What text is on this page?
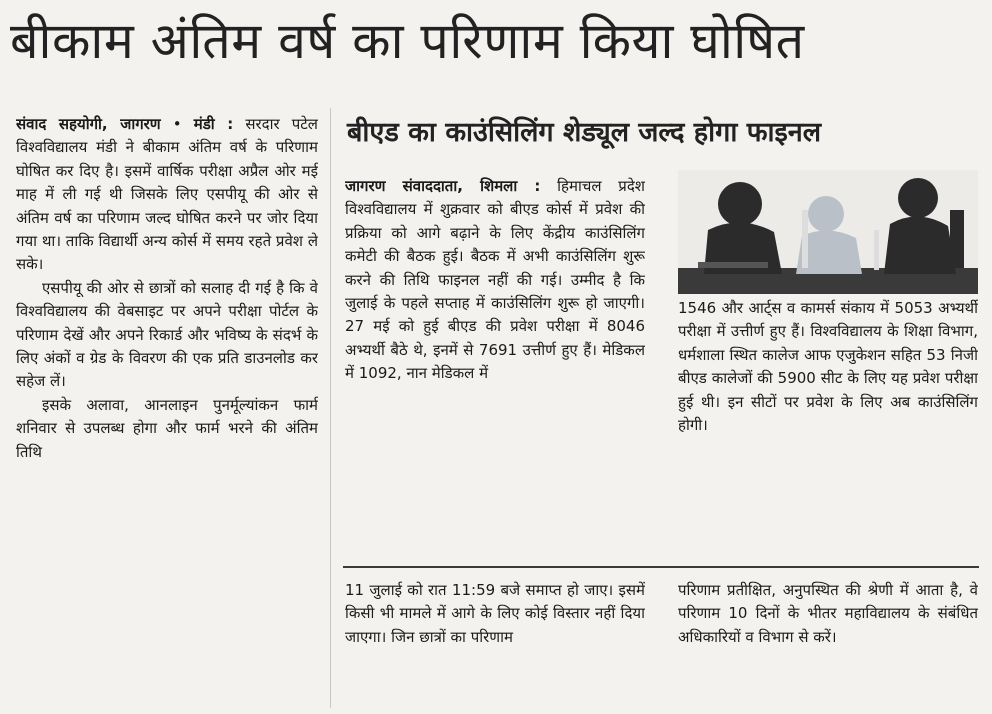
बीकाम अंतिम वर्ष का परिणाम किया घोषित

संवाद सहयोगी, जागरण • मंडी : सरदार पटेल विश्वविद्यालय मंडी ने बीकाम अंतिम वर्ष के परिणाम घोषित कर दिए है। इसमें वार्षिक परीक्षा अप्रैल ओर मई माह में ली गई थी जिसके लिए एसपीयू की ओर से अंतिम वर्ष का परिणाम जल्द घोषित करने पर जोर दिया गया था। ताकि विद्यार्थी अन्य कोर्स में समय रहते प्रवेश ले सके।

एसपीयू की ओर से छात्रों को सलाह दी गई है कि वे विश्वविद्यालय की वेबसाइट पर अपने परीक्षा पोर्टल के परिणाम देखें और अपने रिकार्ड और भविष्य के संदर्भ के लिए अंकों व ग्रेड के विवरण की एक प्रति डाउनलोड कर सहेज लें।

इसके अलावा, आनलाइन पुनर्मूल्यांकन फार्म शनिवार से उपलब्ध होगा और फार्म भरने की अंतिम तिथि

बीएड का काउंसिलिंग शेड्यूल जल्द होगा फाइनल

जागरण संवाददाता, शिमला : हिमाचल प्रदेश विश्वविद्यालय में शुक्रवार को बीएड कोर्स में प्रवेश की प्रक्रिया को आगे बढ़ाने के लिए केंद्रीय काउंसिलिंग कमेटी की बैठक हुई। बैठक में अभी काउंसिलिंग शुरू करने की तिथि फाइनल नहीं की गई। उम्मीद है कि जुलाई के पहले सप्ताह में काउंसिलिंग शुरू हो जाएगी। 27 मई को हुई बीएड की प्रवेश परीक्षा में 8046 अभ्यर्थी बैठे थे, इनमें से 7691 उत्तीर्ण हुए हैं। मेडिकल में 1092, नान मेडिकल में

1546 और आर्ट्स व कामर्स संकाय में 5053 अभ्यर्थी परीक्षा में उत्तीर्ण हुए हैं। विश्वविद्यालय के शिक्षा विभाग, धर्मशाला स्थित कालेज आफ एजुकेशन सहित 53 निजी बीएड कालेजों की 5900 सीट के लिए यह प्रवेश परीक्षा हुई थी। इन सीटों पर प्रवेश के लिए अब काउंसिलिंग होगी।

11 जुलाई को रात 11:59 बजे समाप्त हो जाए। इसमें किसी भी मामले में आगे के लिए कोई विस्तार नहीं दिया जाएगा। जिन छात्रों का परिणाम

परिणाम प्रतीक्षित, अनुपस्थित की श्रेणी में आता है, वे परिणाम 10 दिनों के भीतर महाविद्यालय के संबंधित अधिकारियों व विभाग से करें।
